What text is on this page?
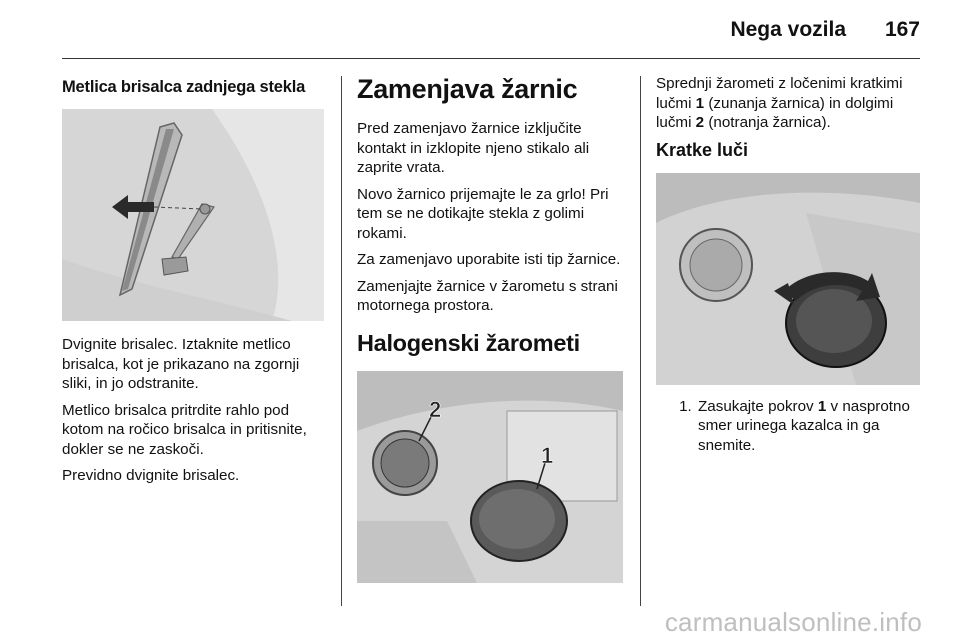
Nega vozila 167
Metlica brisalca zadnjega stekla

Dvignite brisalec. Iztaknite metlico brisalca, kot je prikazano na zgornji sliki, in jo odstranite.

Metlico brisalca pritrdite rahlo pod kotom na ročico brisalca in pritisnite, dokler se ne zaskoči.

Previdno dvignite brisalec.

Zamenjava žarnic

Pred zamenjavo žarnice izključite kontakt in izklopite njeno stikalo ali zaprite vrata.

Novo žarnico prijemajte le za grlo! Pri tem se ne dotikajte stekla z golimi rokami.

Za zamenjavo uporabite isti tip žarnice.

Zamenjajte žarnice v žarometu s strani motornega prostora.

Halogenski žarometi
2
1

Sprednji žarometi z ločenimi kratkimi lučmi 1 (zunanja žarnica) in dolgimi lučmi 2 (notranja žarnica).

Kratke luči
1. Zasukajte pokrov 1 v nasprotno smer urinega kazalca in ga snemite.
carmanualsonline.info
